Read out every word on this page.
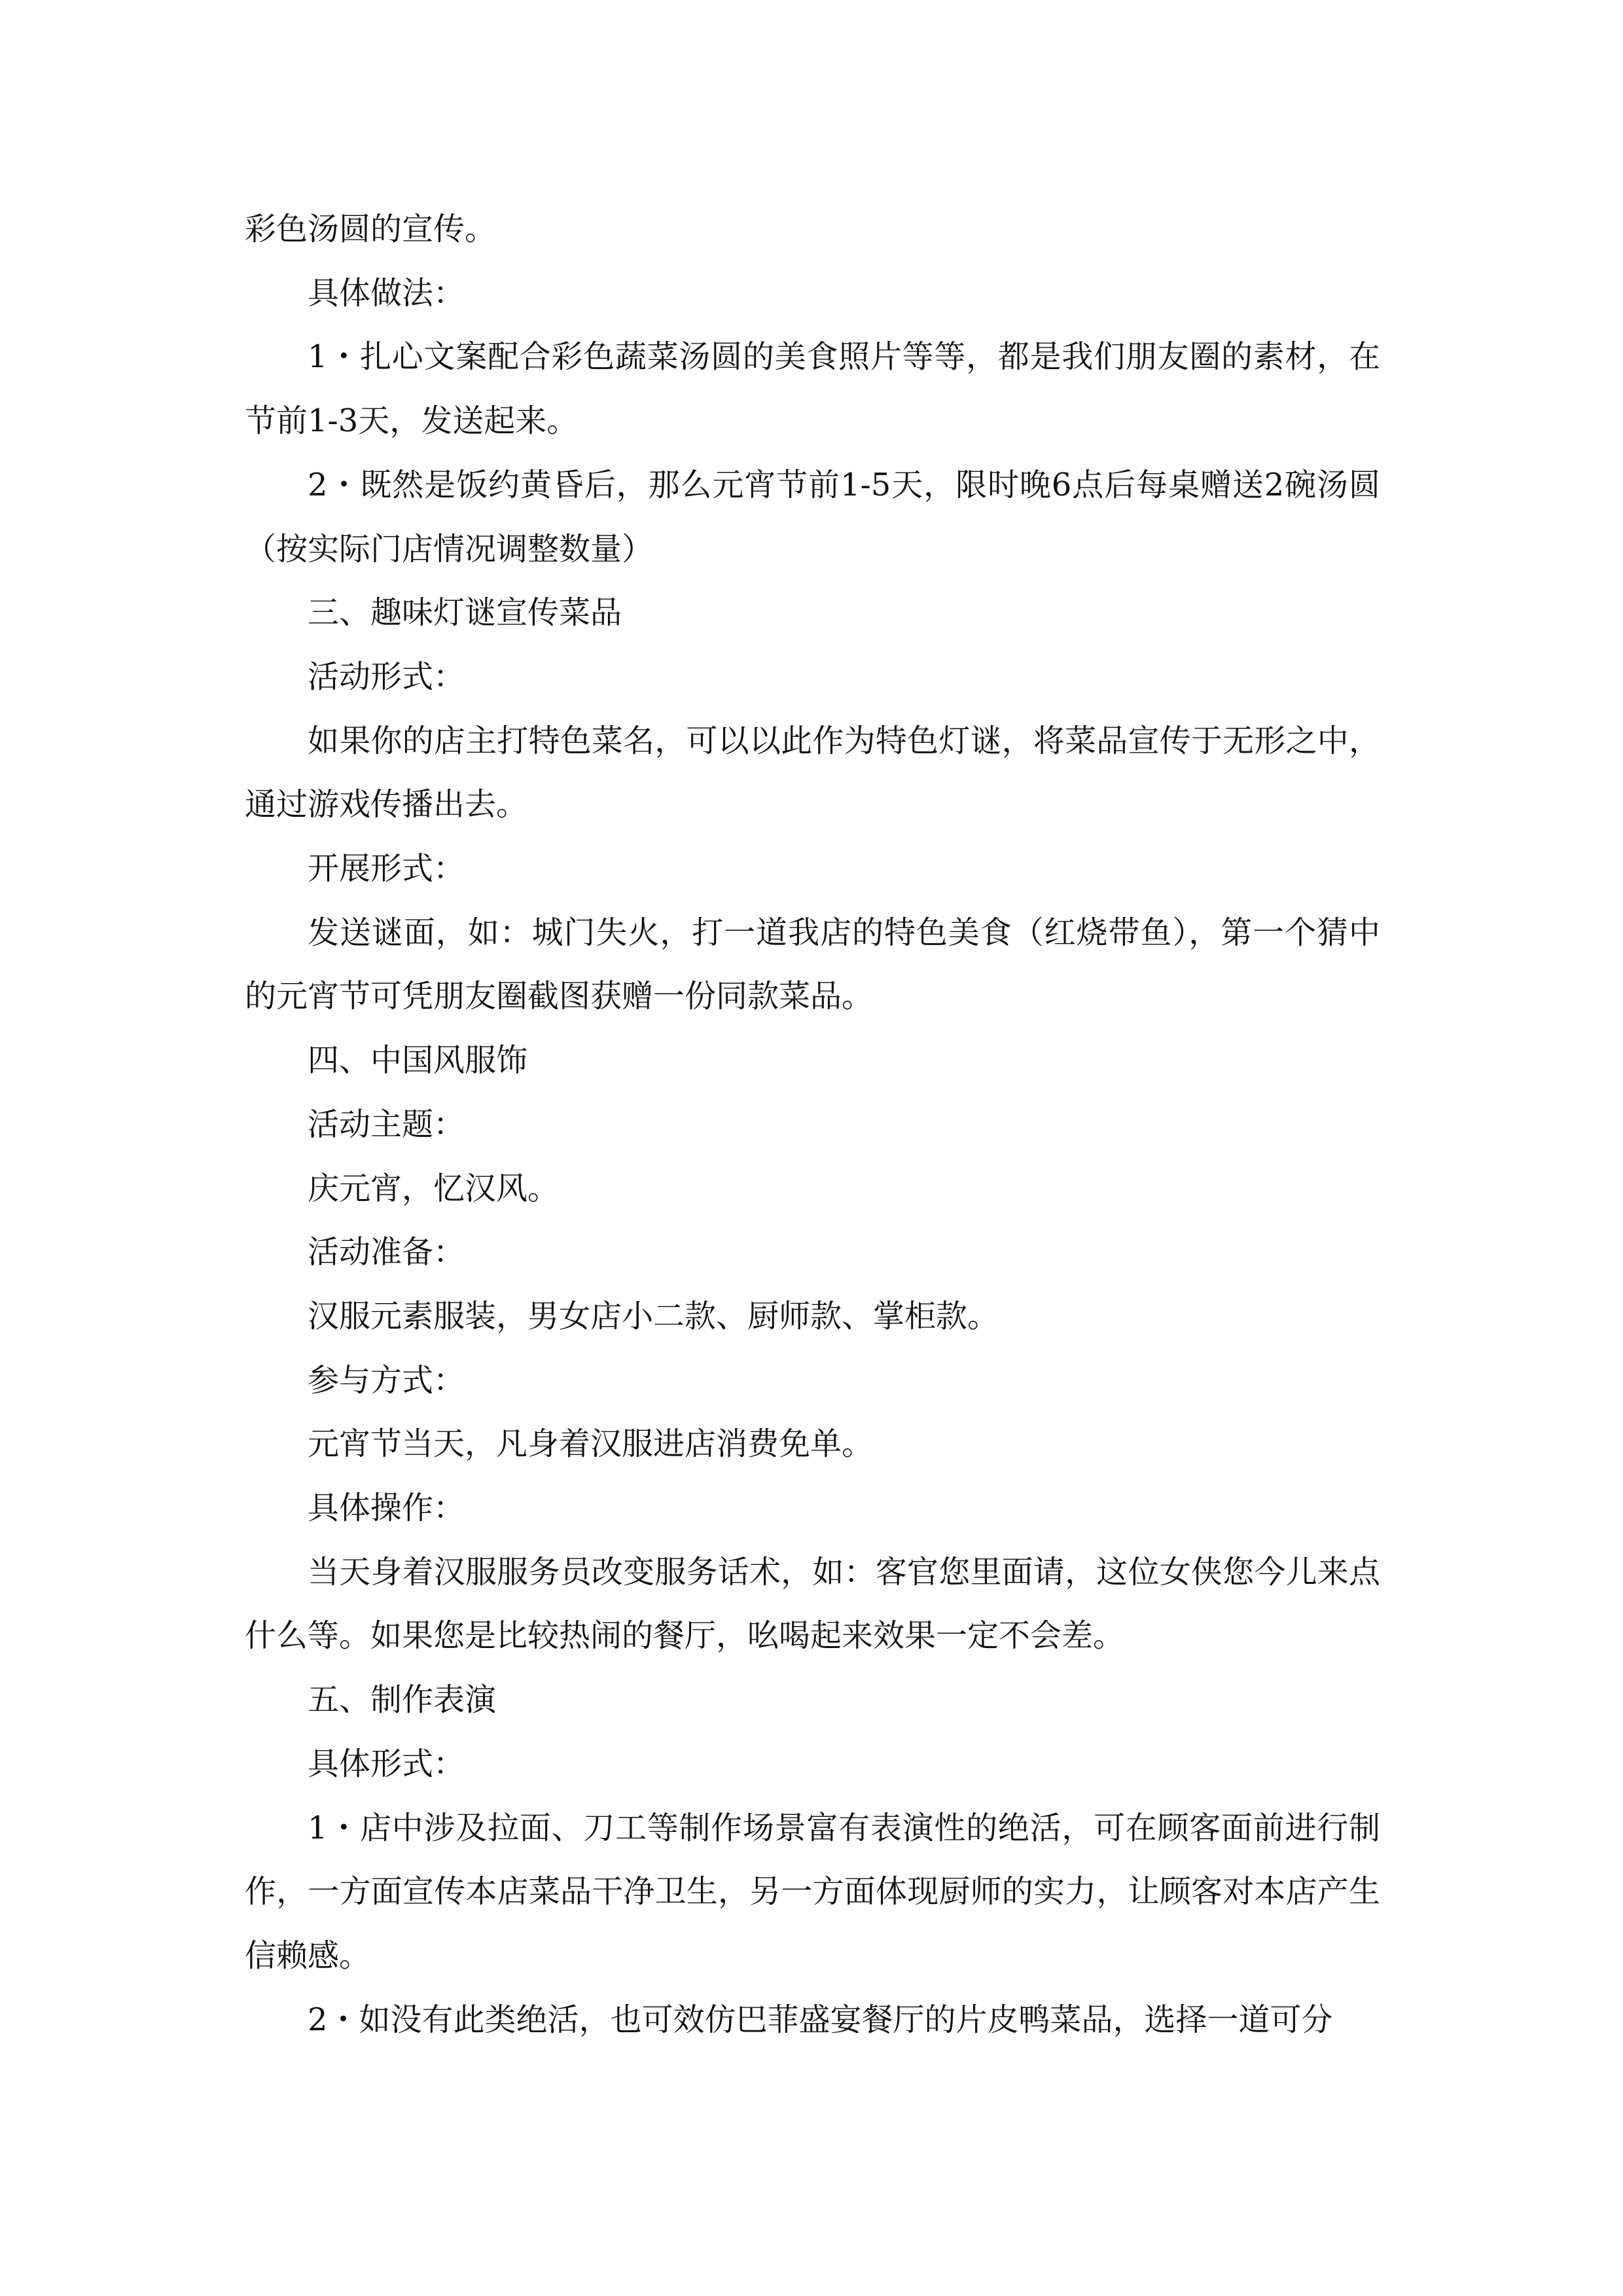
彩色汤圆的宣传。

具体做法：

1・扎心文案配合彩色蔬菜汤圆的美食照片等等，都是我们朋友圈的素材，在节前1-3天，发送起来。

2・既然是饭约黄昏后，那么元宵节前1-5天，限时晚6点后每桌赠送2碗汤圆（按实际门店情况调整数量）

三、趣味灯谜宣传菜品

活动形式：

如果你的店主打特色菜名，可以以此作为特色灯谜，将菜品宣传于无形之中，通过游戏传播出去。

开展形式：

发送谜面，如：城门失火，打一道我店的特色美食（红烧带鱼），第一个猜中的元宵节可凭朋友圈截图获赠一份同款菜品。

四、中国风服饰

活动主题：

庆元宵，忆汉风。

活动准备：

汉服元素服装，男女店小二款、厨师款、掌柜款。

参与方式：

元宵节当天，凡身着汉服进店消费免单。

具体操作：

当天身着汉服服务员改变服务话术，如：客官您里面请，这位女侠您今儿来点什么等。如果您是比较热闹的餐厅，吆喝起来效果一定不会差。

五、制作表演

具体形式：

1・店中涉及拉面、刀工等制作场景富有表演性的绝活，可在顾客面前进行制作，一方面宣传本店菜品干净卫生，另一方面体现厨师的实力，让顾客对本店产生信赖感。

2・如没有此类绝活，也可效仿巴菲盛宴餐厅的片皮鸭菜品，选择一道可分
